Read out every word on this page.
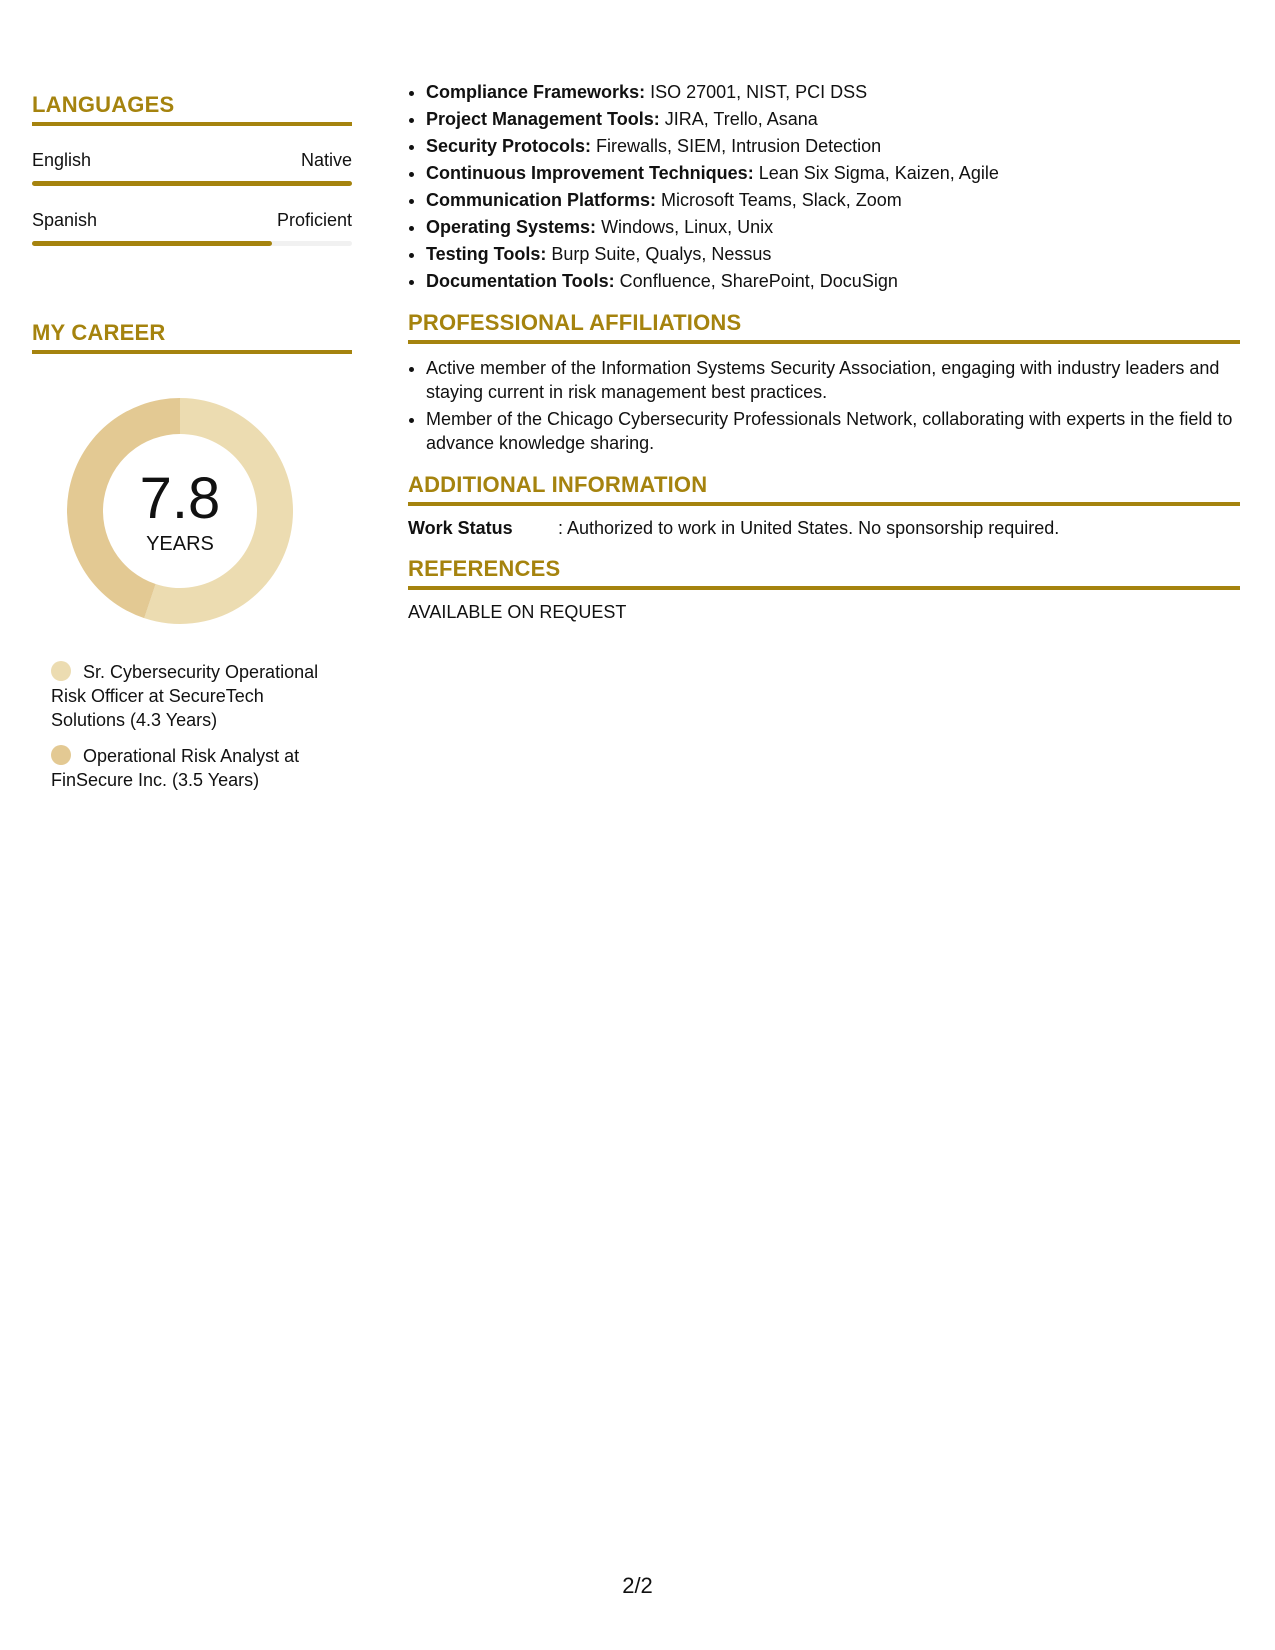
LANGUAGES
English	Native
Spanish	Proficient
MY CAREER
7.8
YEARS
Sr. Cybersecurity Operational Risk Officer at SecureTech Solutions (4.3 Years)
Operational Risk Analyst at FinSecure Inc. (3.5 Years)
• Compliance Frameworks: ISO 27001, NIST, PCI DSS
• Project Management Tools: JIRA, Trello, Asana
• Security Protocols: Firewalls, SIEM, Intrusion Detection
• Continuous Improvement Techniques: Lean Six Sigma, Kaizen, Agile
• Communication Platforms: Microsoft Teams, Slack, Zoom
• Operating Systems: Windows, Linux, Unix
• Testing Tools: Burp Suite, Qualys, Nessus
• Documentation Tools: Confluence, SharePoint, DocuSign
PROFESSIONAL AFFILIATIONS
• Active member of the Information Systems Security Association, engaging with industry leaders and staying current in risk management best practices.
• Member of the Chicago Cybersecurity Professionals Network, collaborating with experts in the field to advance knowledge sharing.
ADDITIONAL INFORMATION
Work Status	: Authorized to work in United States. No sponsorship required.
REFERENCES
AVAILABLE ON REQUEST
2/2
